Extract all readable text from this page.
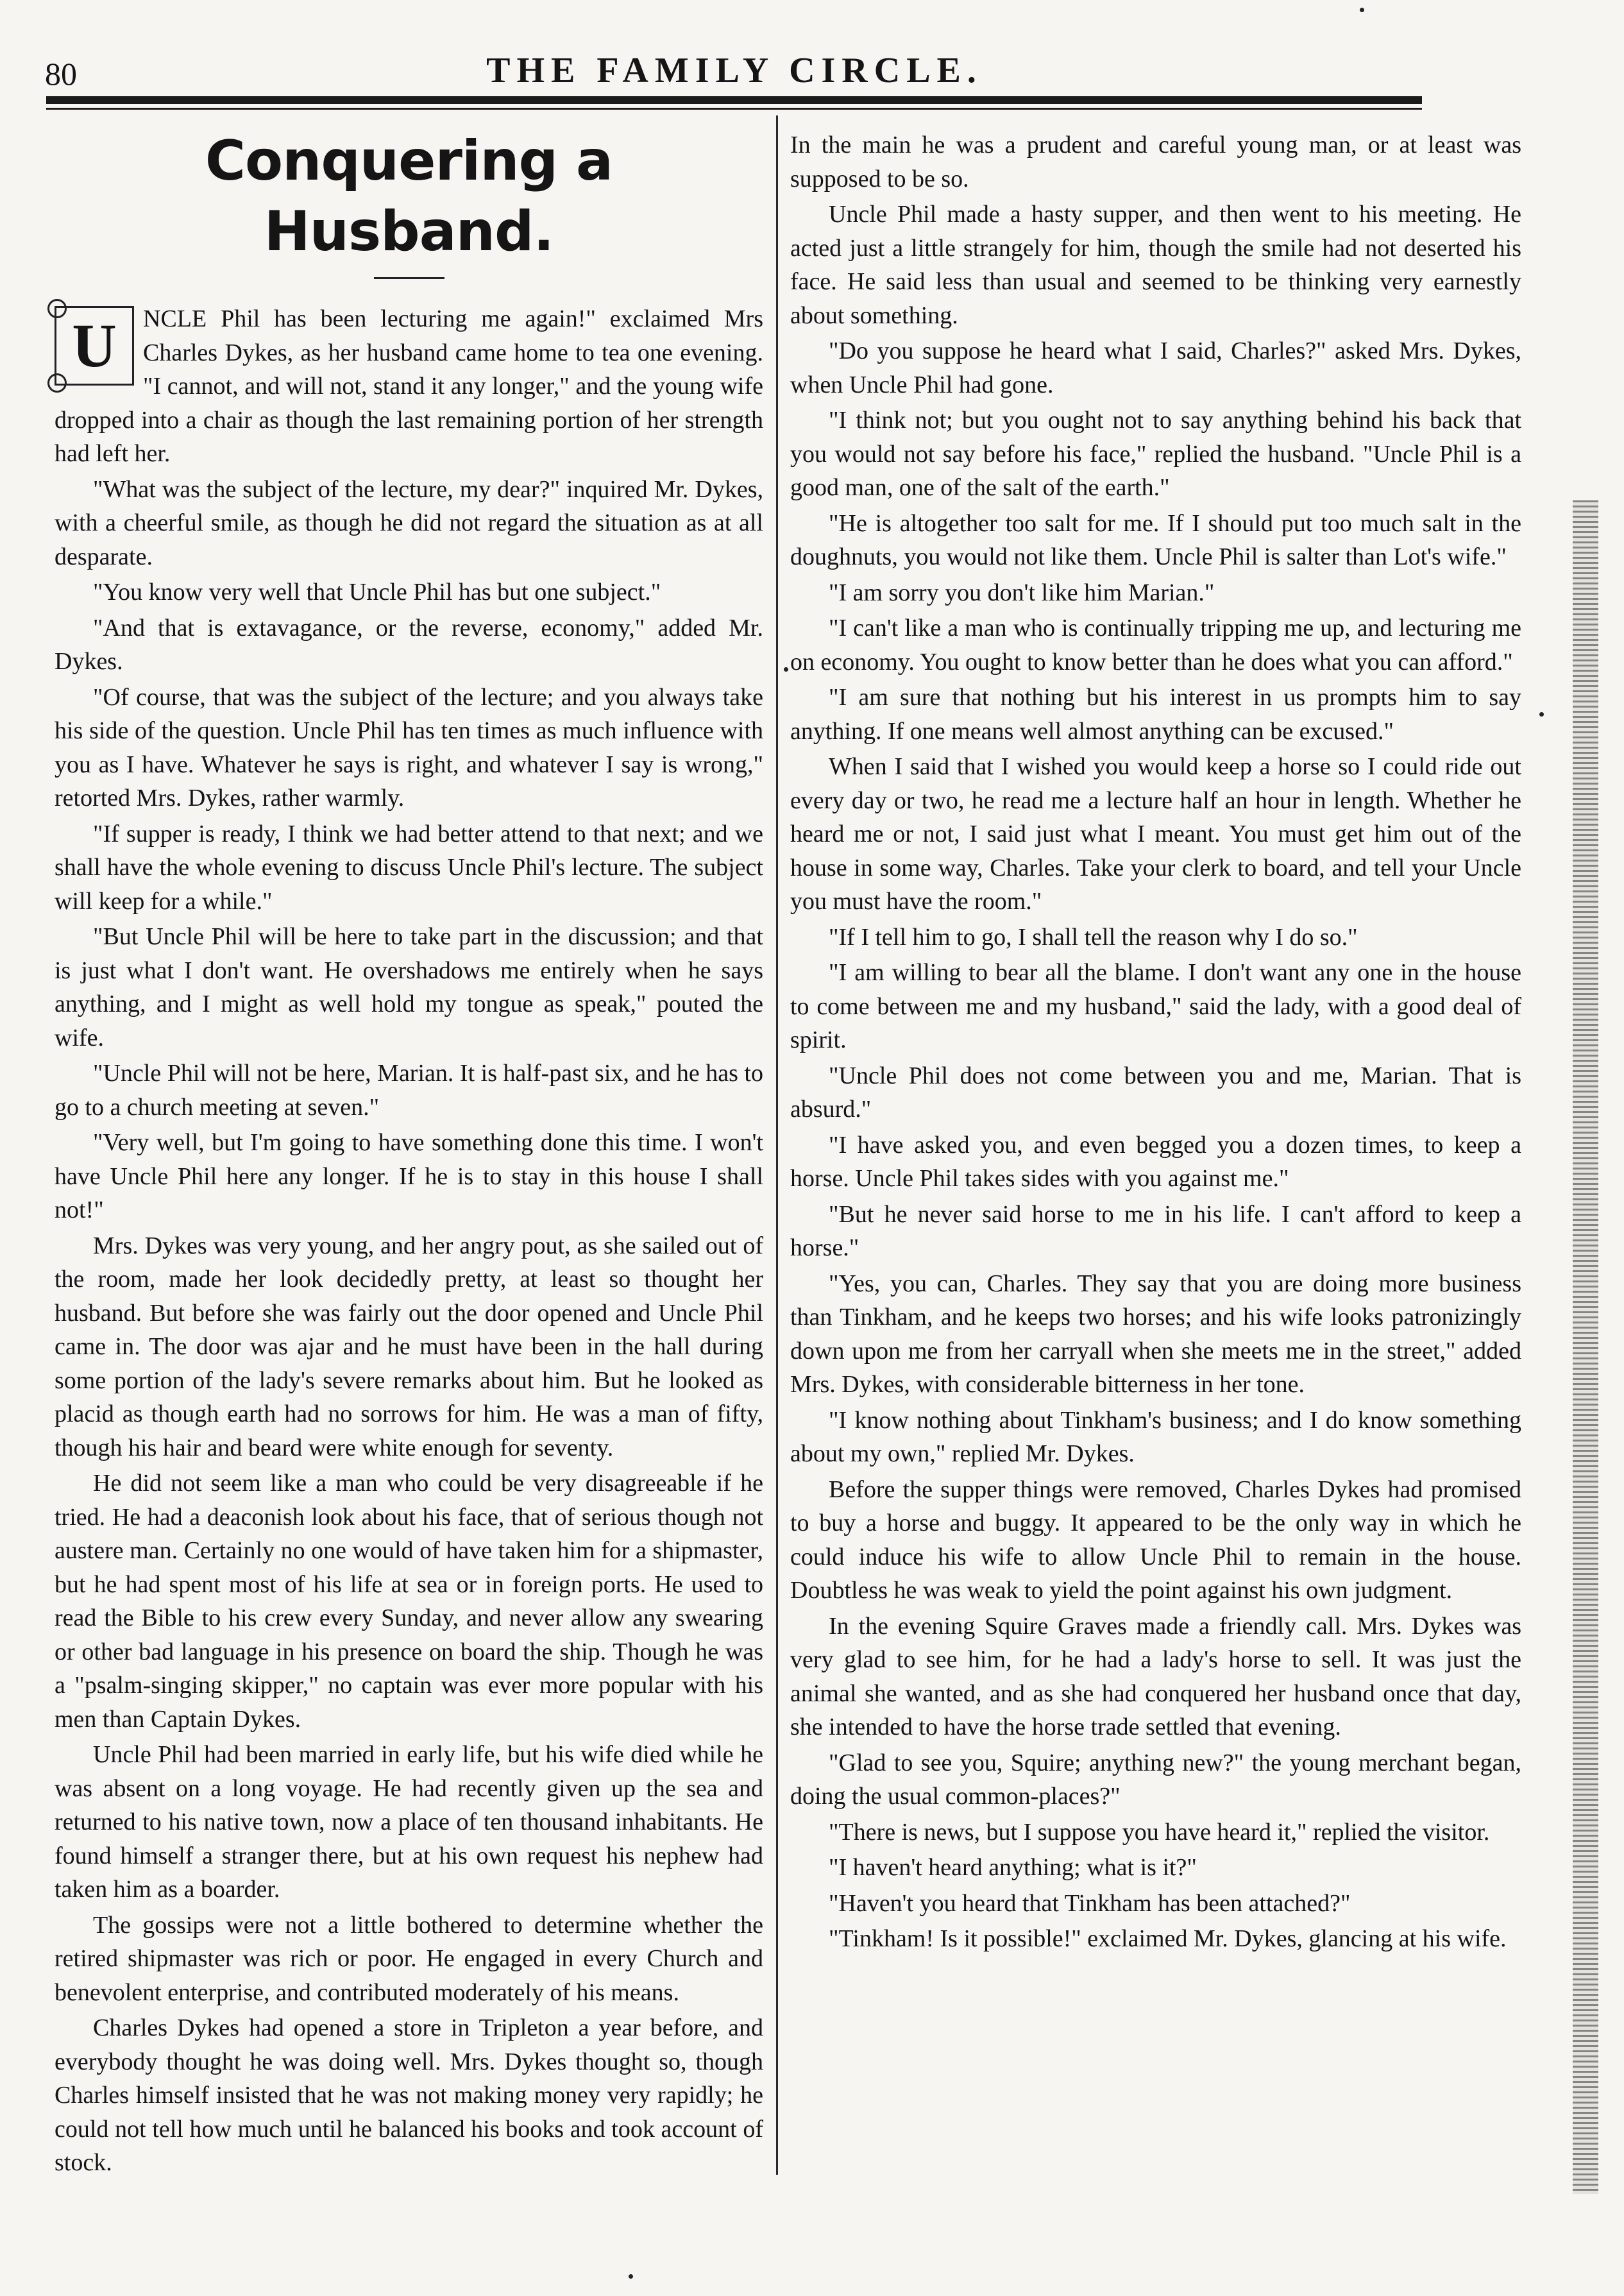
80	THE FAMILY CIRCLE.
Conquering a Husband.
U	NCLE Phil has been lecturing me again!" exclaimed Mrs Charles Dykes, as her husband came home to tea one evening. "I cannot, and will not, stand it any longer," and the young wife dropped into a chair as though the last remaining portion of her strength had left her.

"What was the subject of the lecture, my dear?" inquired Mr. Dykes, with a cheerful smile, as though he did not regard the situation as at all desparate.

"You know very well that Uncle Phil has but one subject."

"And that is extavagance, or the reverse, economy," added Mr. Dykes.

"Of course, that was the subject of the lecture; and you always take his side of the question. Uncle Phil has ten times as much influence with you as I have. Whatever he says is right, and whatever I say is wrong," retorted Mrs. Dykes, rather warmly.

"If supper is ready, I think we had better attend to that next; and we shall have the whole evening to discuss Uncle Phil's lecture. The subject will keep for a while."

"But Uncle Phil will be here to take part in the discussion; and that is just what I don't want. He overshadows me entirely when he says anything, and I might as well hold my tongue as speak," pouted the wife.

"Uncle Phil will not be here, Marian. It is half-past six, and he has to go to a church meeting at seven."

"Very well, but I'm going to have something done this time. I won't have Uncle Phil here any longer. If he is to stay in this house I shall not!"

Mrs. Dykes was very young, and her angry pout, as she sailed out of the room, made her look decidedly pretty, at least so thought her husband. But before she was fairly out the door opened and Uncle Phil came in. The door was ajar and he must have been in the hall during some portion of the lady's severe remarks about him. But he looked as placid as though earth had no sorrows for him. He was a man of fifty, though his hair and beard were white enough for seventy.

He did not seem like a man who could be very disagreeable if he tried. He had a deaconish look about his face, that of serious though not austere man. Certainly no one would of have taken him for a shipmaster, but he had spent most of his life at sea or in foreign ports. He used to read the Bible to his crew every Sunday, and never allow any swearing or other bad language in his presence on board the ship. Though he was a "psalm-singing skipper," no captain was ever more popular with his men than Captain Dykes.

Uncle Phil had been married in early life, but his wife died while he was absent on a long voyage. He had recently given up the sea and returned to his native town, now a place of ten thousand inhabitants. He found himself a stranger there, but at his own request his nephew had taken him as a boarder.

The gossips were not a little bothered to determine whether the retired shipmaster was rich or poor. He engaged in every Church and benevolent enterprise, and contributed moderately of his means.

Charles Dykes had opened a store in Tripleton a year before, and everybody thought he was doing well. Mrs. Dykes thought so, though Charles himself insisted that he was not making money very rapidly; he could not tell how much until he balanced his books and took account of stock.

In the main he was a prudent and careful young man, or at least was supposed to be so.

Uncle Phil made a hasty supper, and then went to his meeting. He acted just a little strangely for him, though the smile had not deserted his face. He said less than usual and seemed to be thinking very earnestly about something.

"Do you suppose he heard what I said, Charles?" asked Mrs. Dykes, when Uncle Phil had gone.

"I think not; but you ought not to say anything behind his back that you would not say before his face," replied the husband. "Uncle Phil is a good man, one of the salt of the earth."

"He is altogether too salt for me. If I should put too much salt in the doughnuts, you would not like them. Uncle Phil is salter than Lot's wife."

"I am sorry you don't like him Marian."

"I can't like a man who is continually tripping me up, and lecturing me on economy. You ought to know better than he does what you can afford."

"I am sure that nothing but his interest in us prompts him to say anything. If one means well almost anything can be excused."

When I said that I wished you would keep a horse so I could ride out every day or two, he read me a lecture half an hour in length. Whether he heard me or not, I said just what I meant. You must get him out of the house in some way, Charles. Take your clerk to board, and tell your Uncle you must have the room."

"If I tell him to go, I shall tell the reason why I do so."

"I am willing to bear all the blame. I don't want any one in the house to come between me and my husband," said the lady, with a good deal of spirit.

"Uncle Phil does not come between you and me, Marian. That is absurd."

"I have asked you, and even begged you a dozen times, to keep a horse. Uncle Phil takes sides with you against me."

"But he never said horse to me in his life. I can't afford to keep a horse."

"Yes, you can, Charles. They say that you are doing more business than Tinkham, and he keeps two horses; and his wife looks patronizingly down upon me from her carryall when she meets me in the street," added Mrs. Dykes, with considerable bitterness in her tone.

"I know nothing about Tinkham's business; and I do know something about my own," replied Mr. Dykes.

Before the supper things were removed, Charles Dykes had promised to buy a horse and buggy. It appeared to be the only way in which he could induce his wife to allow Uncle Phil to remain in the house. Doubtless he was weak to yield the point against his own judgment.

In the evening Squire Graves made a friendly call. Mrs. Dykes was very glad to see him, for he had a lady's horse to sell. It was just the animal she wanted, and as she had conquered her husband once that day, she intended to have the horse trade settled that evening.

"Glad to see you, Squire; anything new?" the young merchant began, doing the usual common-places?"

"There is news, but I suppose you have heard it," replied the visitor.

"I haven't heard anything; what is it?"

"Haven't you heard that Tinkham has been attached?"

"Tinkham! Is it possible!" exclaimed Mr. Dykes, glancing at his wife.
